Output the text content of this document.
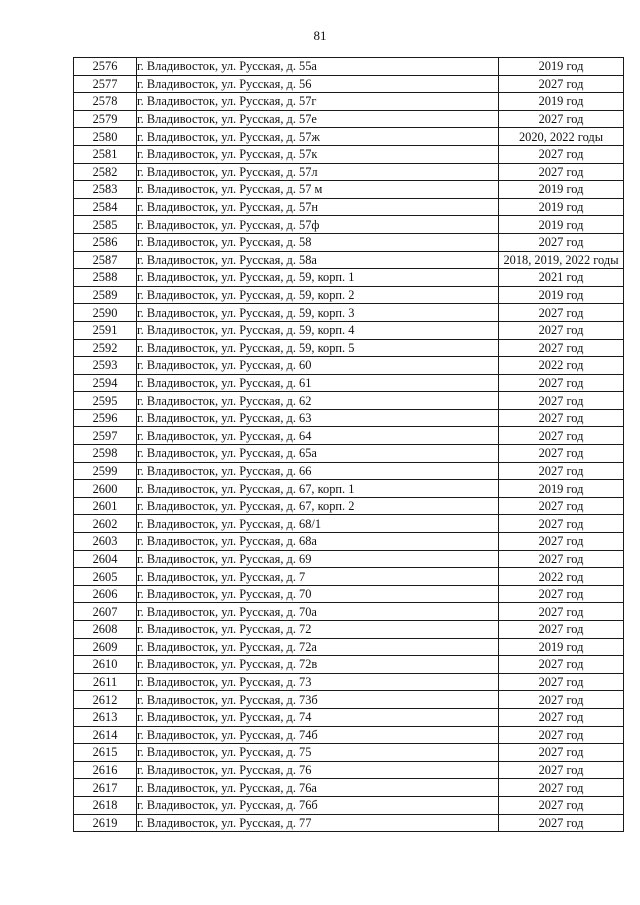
81
2576	г. Владивосток, ул. Русская, д. 55а	2019 год
2577	г. Владивосток, ул. Русская, д. 56	2027 год
2578	г. Владивосток, ул. Русская, д. 57г	2019 год
2579	г. Владивосток, ул. Русская, д. 57е	2027 год
2580	г. Владивосток, ул. Русская, д. 57ж	2020, 2022 годы
2581	г. Владивосток, ул. Русская, д. 57к	2027 год
2582	г. Владивосток, ул. Русская, д. 57л	2027 год
2583	г. Владивосток, ул. Русская, д. 57 м	2019 год
2584	г. Владивосток, ул. Русская, д. 57н	2019 год
2585	г. Владивосток, ул. Русская, д. 57ф	2019 год
2586	г. Владивосток, ул. Русская, д. 58	2027 год
2587	г. Владивосток, ул. Русская, д. 58а	2018, 2019, 2022 годы
2588	г. Владивосток, ул. Русская, д. 59, корп. 1	2021 год
2589	г. Владивосток, ул. Русская, д. 59, корп. 2	2019 год
2590	г. Владивосток, ул. Русская, д. 59, корп. 3	2027 год
2591	г. Владивосток, ул. Русская, д. 59, корп. 4	2027 год
2592	г. Владивосток, ул. Русская, д. 59, корп. 5	2027 год
2593	г. Владивосток, ул. Русская, д. 60	2022 год
2594	г. Владивосток, ул. Русская, д. 61	2027 год
2595	г. Владивосток, ул. Русская, д. 62	2027 год
2596	г. Владивосток, ул. Русская, д. 63	2027 год
2597	г. Владивосток, ул. Русская, д. 64	2027 год
2598	г. Владивосток, ул. Русская, д. 65а	2027 год
2599	г. Владивосток, ул. Русская, д. 66	2027 год
2600	г. Владивосток, ул. Русская, д. 67, корп. 1	2019 год
2601	г. Владивосток, ул. Русская, д. 67, корп. 2	2027 год
2602	г. Владивосток, ул. Русская, д. 68/1	2027 год
2603	г. Владивосток, ул. Русская, д. 68а	2027 год
2604	г. Владивосток, ул. Русская, д. 69	2027 год
2605	г. Владивосток, ул. Русская, д. 7	2022 год
2606	г. Владивосток, ул. Русская, д. 70	2027 год
2607	г. Владивосток, ул. Русская, д. 70а	2027 год
2608	г. Владивосток, ул. Русская, д. 72	2027 год
2609	г. Владивосток, ул. Русская, д. 72а	2019 год
2610	г. Владивосток, ул. Русская, д. 72в	2027 год
2611	г. Владивосток, ул. Русская, д. 73	2027 год
2612	г. Владивосток, ул. Русская, д. 73б	2027 год
2613	г. Владивосток, ул. Русская, д. 74	2027 год
2614	г. Владивосток, ул. Русская, д. 74б	2027 год
2615	г. Владивосток, ул. Русская, д. 75	2027 год
2616	г. Владивосток, ул. Русская, д. 76	2027 год
2617	г. Владивосток, ул. Русская, д. 76а	2027 год
2618	г. Владивосток, ул. Русская, д. 76б	2027 год
2619	г. Владивосток, ул. Русская, д. 77	2027 год
